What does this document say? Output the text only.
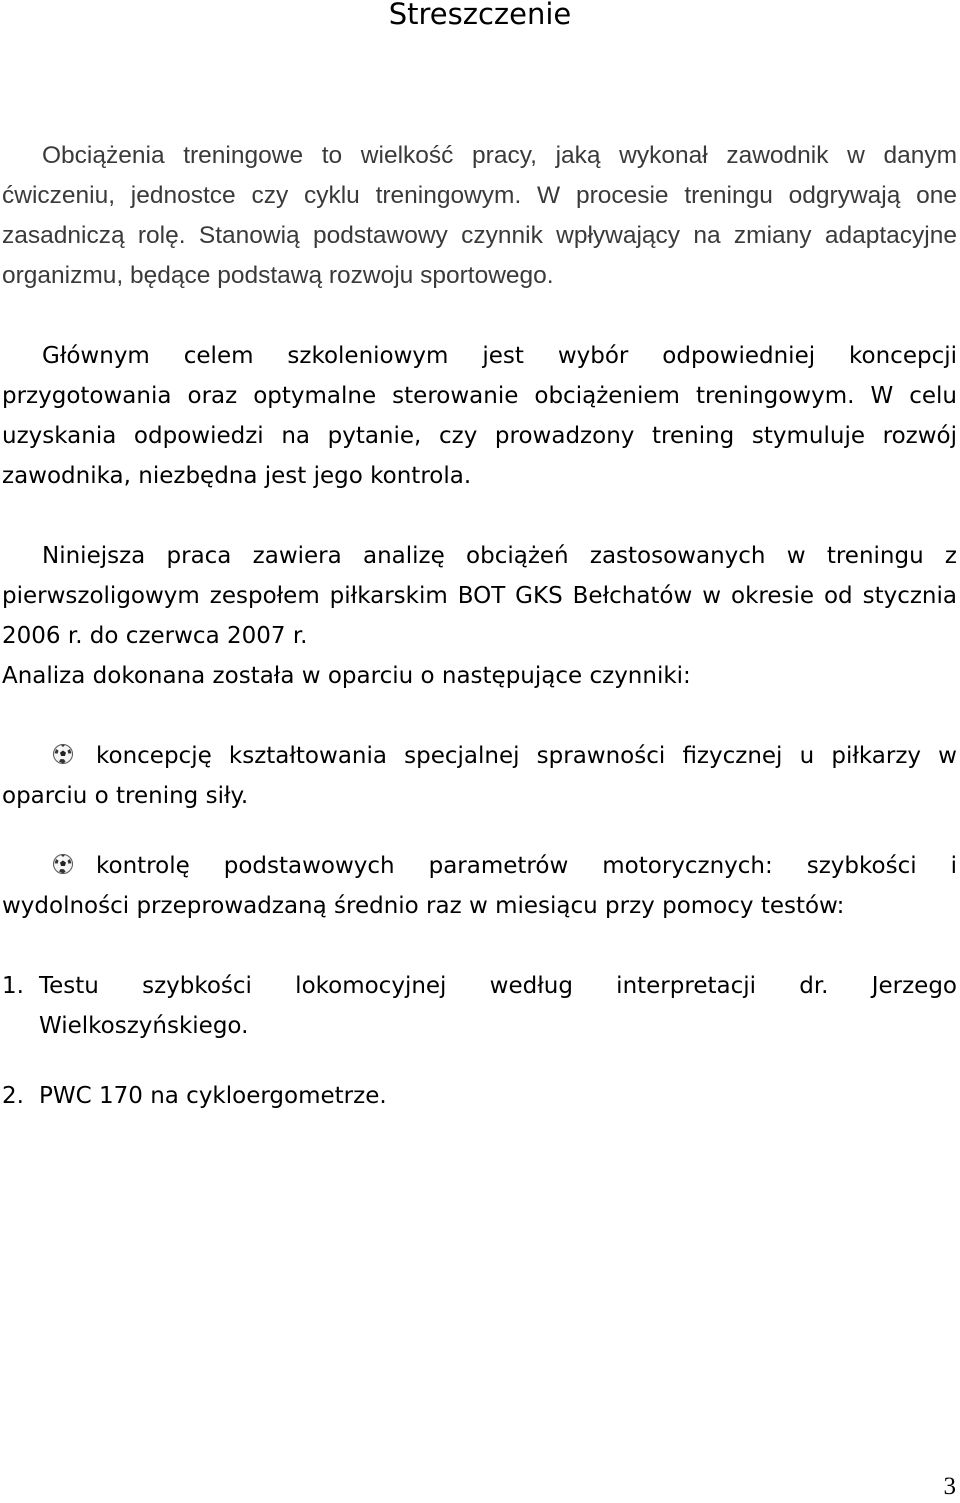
Streszczenie

Obciążenia treningowe to wielkość pracy, jaką wykonał zawodnik w danym ćwiczeniu, jednostce czy cyklu treningowym. W procesie treningu odgrywają one zasadniczą rolę. Stanowią podstawowy czynnik wpływający na zmiany adaptacyjne organizmu, będące podstawą rozwoju sportowego.

Głównym celem szkoleniowym jest wybór odpowiedniej koncepcji przygotowania oraz optymalne sterowanie obciążeniem treningowym. W celu uzyskania odpowiedzi na pytanie, czy prowadzony trening stymuluje rozwój zawodnika, niezbędna jest jego kontrola.

Niniejsza praca zawiera analizę obciążeń zastosowanych w treningu z pierwszoligowym zespołem piłkarskim BOT GKS Bełchatów w okresie od stycznia 2006 r. do czerwca 2007 r.

Analiza dokonana została w oparciu o następujące czynniki:

koncepcję kształtowania specjalnej sprawności fizycznej u piłkarzy w oparciu o trening siły.

kontrolę podstawowych parametrów motorycznych: szybkości i wydolności przeprowadzaną średnio raz w miesiącu przy pomocy testów:

1. Testu szybkości lokomocyjnej według interpretacji dr. Jerzego Wielkoszyńskiego.
2. PWC 170 na cykloergometrze.
3
